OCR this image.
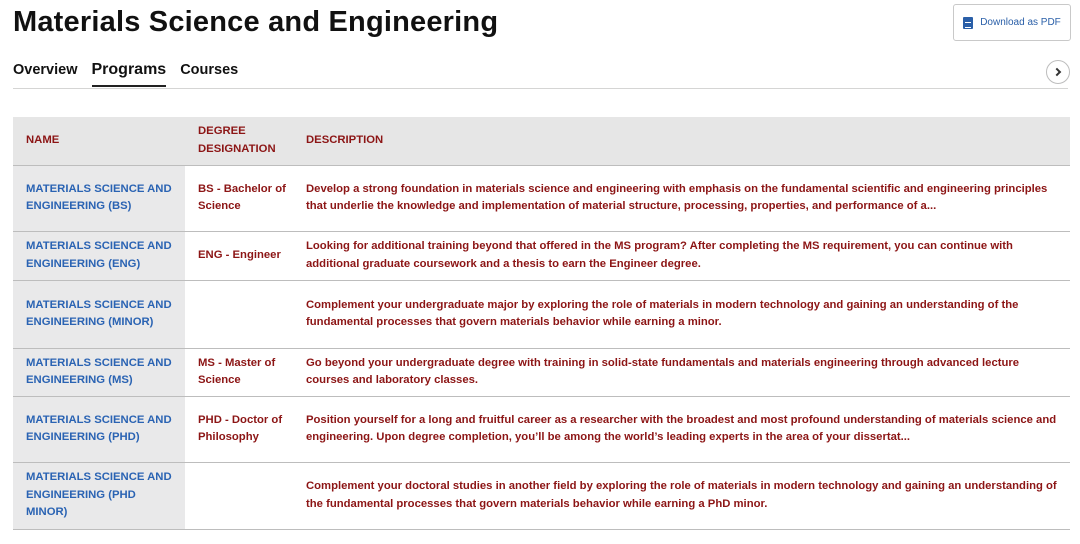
Materials Science and Engineering	Download as PDF
Overview Programs Courses
NAME	DEGREE DESIGNATION	DESCRIPTION
MATERIALS SCIENCE AND ENGINEERING (BS)	BS - Bachelor of Science	Develop a strong foundation in materials science and engineering with emphasis on the fundamental scientific and engineering principles that underlie the knowledge and implementation of material structure, processing, properties, and performance of a...
MATERIALS SCIENCE AND ENGINEERING (ENG)	ENG - Engineer	Looking for additional training beyond that offered in the MS program? After completing the MS requirement, you can continue with additional graduate coursework and a thesis to earn the Engineer degree.
MATERIALS SCIENCE AND ENGINEERING (MINOR)		Complement your undergraduate major by exploring the role of materials in modern technology and gaining an understanding of the fundamental processes that govern materials behavior while earning a minor.
MATERIALS SCIENCE AND ENGINEERING (MS)	MS - Master of Science	Go beyond your undergraduate degree with training in solid-state fundamentals and materials engineering through advanced lecture courses and laboratory classes.
MATERIALS SCIENCE AND ENGINEERING (PHD)	PHD - Doctor of Philosophy	Position yourself for a long and fruitful career as a researcher with the broadest and most profound understanding of materials science and engineering. Upon degree completion, you’ll be among the world’s leading experts in the area of your dissertat...
MATERIALS SCIENCE AND ENGINEERING (PHD MINOR)		Complement your doctoral studies in another field by exploring the role of materials in modern technology and gaining an understanding of the fundamental processes that govern materials behavior while earning a PhD minor.
